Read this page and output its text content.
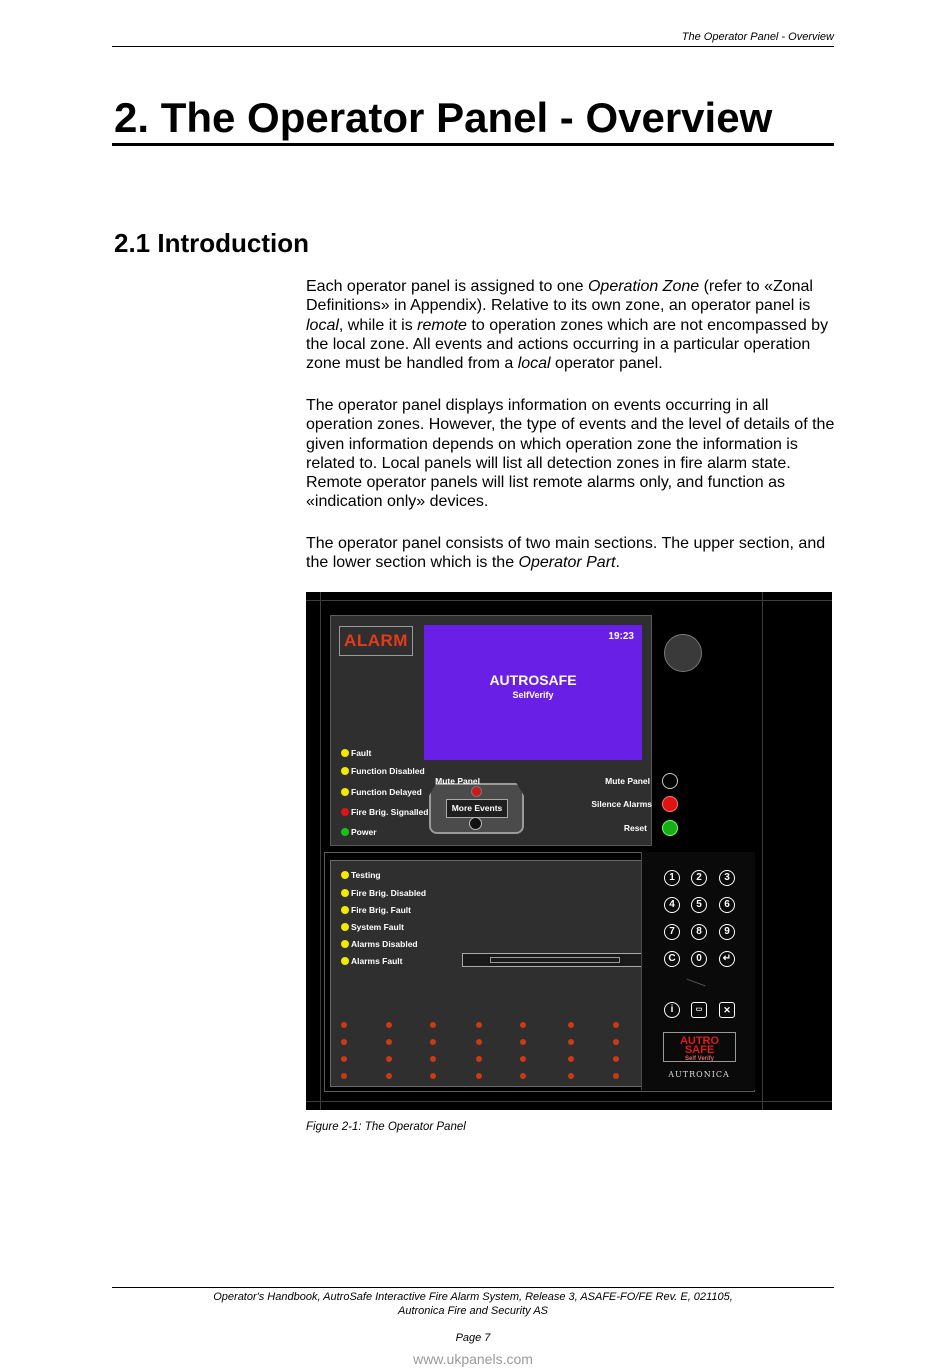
The Operator Panel - Overview
2. The Operator Panel - Overview
2.1 Introduction

Each operator panel is assigned to one Operation Zone (refer to «Zonal Definitions» in Appendix). Relative to its own zone, an operator panel is local, while it is remote to operation zones which are not encompassed by the local zone. All events and actions occurring in a particular operation zone must be handled from a local operator panel.

The operator panel displays information on events occurring in all operation zones. However, the type of events and the level of details of the given information depends on which operation zone the information is related to. Local panels will list all detection zones in fire alarm state. Remote operator panels will list remote alarms only, and function as «indication only» devices.

The operator panel consists of two main sections. The upper section, and the lower section which is the Operator Part.

ALARM	19:23
AUTROSAFE
SelfVerify
Fault
Function Disabled
Function Delayed
Fire Brig. Signalled
Power
More Events
Mute Panel
Silence Alarms
Reset
Mute Panel
Testing
Fire Brig. Disabled
Fire Brig. Fault
System Fault
Alarms Disabled
Alarms Fault
1	2	3
4	5	6
7	8	9
C	0	↵
i	▭	✕
AUTRO
SAFE
Self Verify
AUTRONICA
Figure 2-1: The Operator Panel
Operator's Handbook, AutroSafe Interactive Fire Alarm System, Release 3, ASAFE-FO/FE Rev. E, 021105,
Autronica Fire and Security AS
Page 7
www.ukpanels.com
